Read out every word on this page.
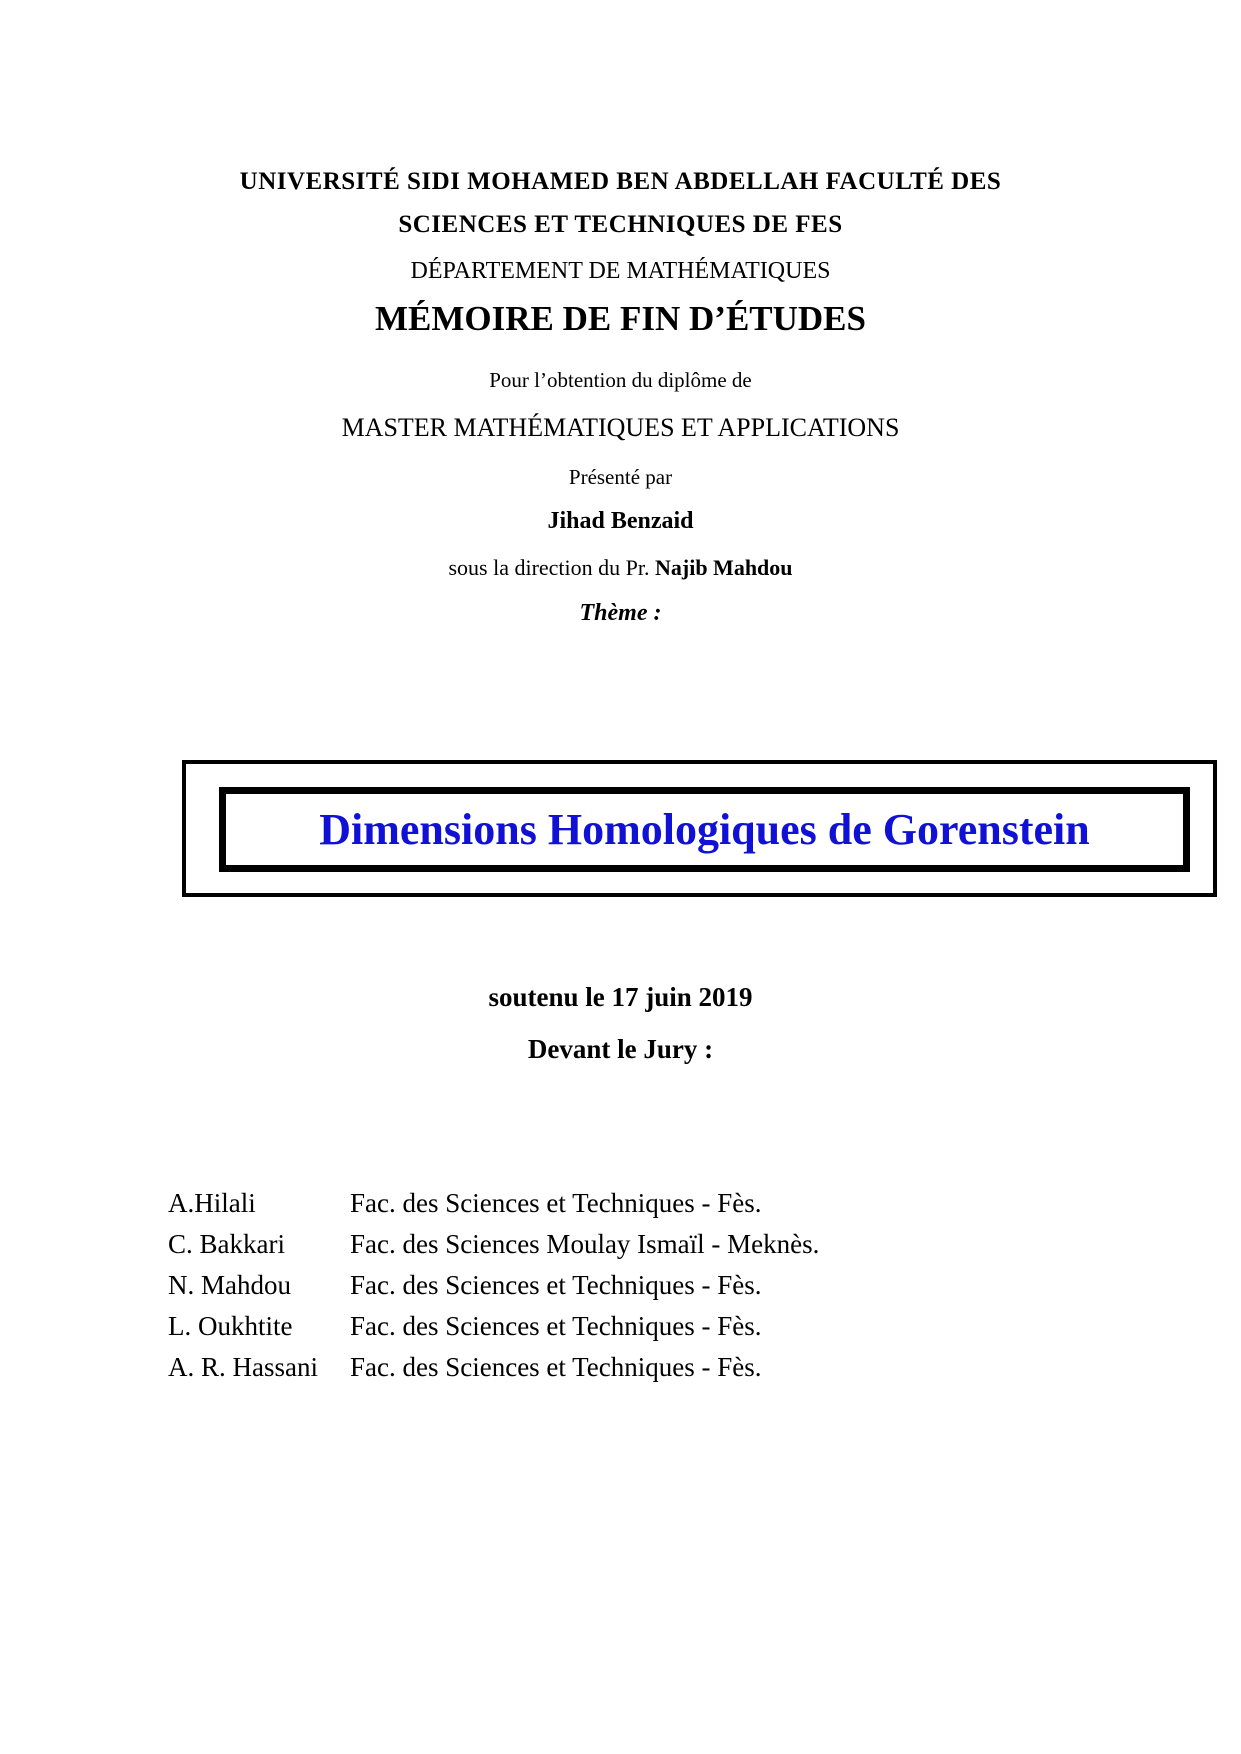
UNIVERSITÉ SIDI MOHAMED BEN ABDELLAH FACULTÉ DES
SCIENCES ET TECHNIQUES DE FES
DÉPARTEMENT DE MATHÉMATIQUES
MÉMOIRE DE FIN D’ÉTUDES
Pour l’obtention du diplôme de
MASTER MATHÉMATIQUES ET APPLICATIONS
Présenté par
Jihad Benzaid
sous la direction du Pr. Najib Mahdou
Thème :
Dimensions Homologiques de Gorenstein
soutenu le 17 juin 2019
Devant le Jury :
A.Hilali	Fac. des Sciences et Techniques - Fès.
C. Bakkari	Fac. des Sciences Moulay Ismaïl - Meknès.
N. Mahdou	Fac. des Sciences et Techniques - Fès.
L. Oukhtite	Fac. des Sciences et Techniques - Fès.
A. R. Hassani	Fac. des Sciences et Techniques - Fès.
